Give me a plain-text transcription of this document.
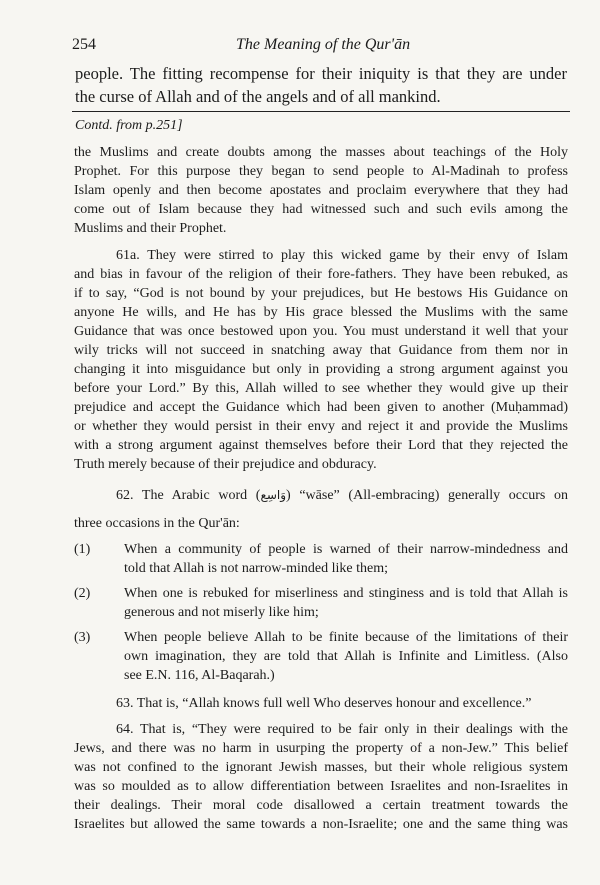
254	The Meaning of the Qur'ān
people. The fitting recompense for their iniquity is that they are under
the curse of Allah and of the angels and of all mankind.
Contd. from p.251]
the Muslims and create doubts among the masses about teachings of the Holy
Prophet. For this purpose they began to send people to Al-Madinah to profess
Islam openly and then become apostates and proclaim everywhere that they had
come out of Islam because they had witnessed such and such evils among the
Muslims and their Prophet.
61a. They were stirred to play this wicked game by their envy of Islam
and bias in favour of the religion of their fore-fathers. They have been rebuked, as
if to say, “God is not bound by your prejudices, but He bestows His Guidance on
anyone He wills, and He has by His grace blessed the Muslims with the same
Guidance that was once bestowed upon you. You must understand it well that your
wily tricks will not succeed in snatching away that Guidance from them nor in
changing it into misguidance but only in providing a strong argument against you
before your Lord.” By this, Allah willed to see whether they would give up their
prejudice and accept the Guidance which had been given to another (Muḥammad)
or whether they would persist in their envy and reject it and provide the Muslims
with a strong argument against themselves before their Lord that they rejected the
Truth merely because of their prejudice and obduracy.
62. The Arabic word (وَاسِع) “wāse” (All-embracing) generally occurs on
three occasions in the Qur'ān:
(1) When a community of people is warned of their narrow-mindedness and
told that Allah is not narrow-minded like them;
(2) When one is rebuked for miserliness and stinginess and is told that Allah is
generous and not miserly like him;
(3) When people believe Allah to be finite because of the limitations of their
own imagination, they are told that Allah is Infinite and Limitless. (Also
see E.N. 116, Al-Baqarah.)
63. That is, “Allah knows full well Who deserves honour and excellence.”
64. That is, “They were required to be fair only in their dealings with the
Jews, and there was no harm in usurping the property of a non-Jew.” This belief
was not confined to the ignorant Jewish masses, but their whole religious system
was so moulded as to allow differentiation between Israelites and non-Israelites in
their dealings. Their moral code disallowed a certain treatment towards the
Israelites but allowed the same towards a non-Israelite; one and the same thing was
